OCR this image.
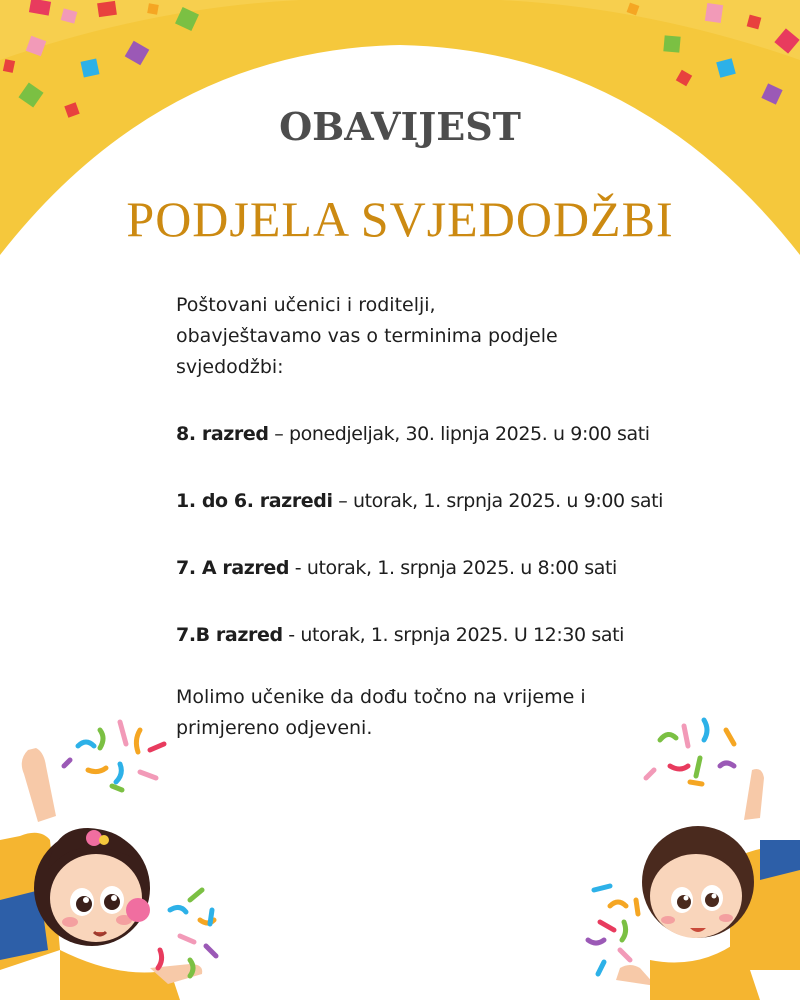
OBAVIJEST
PODJELA SVJEDODŽBI
Poštovani učenici i roditelji,
obavještavamo vas o terminima podjele
svjedodžbi:
8. razred – ponedjeljak, 30. lipnja 2025. u 9:00 sati
1. do 6. razredi – utorak, 1. srpnja 2025. u 9:00 sati
7. A razred - utorak, 1. srpnja 2025. u 8:00 sati
7.B razred - utorak, 1. srpnja 2025. U 12:30 sati
Molimo učenike da dođu točno na vrijeme i
primjereno odjeveni.
